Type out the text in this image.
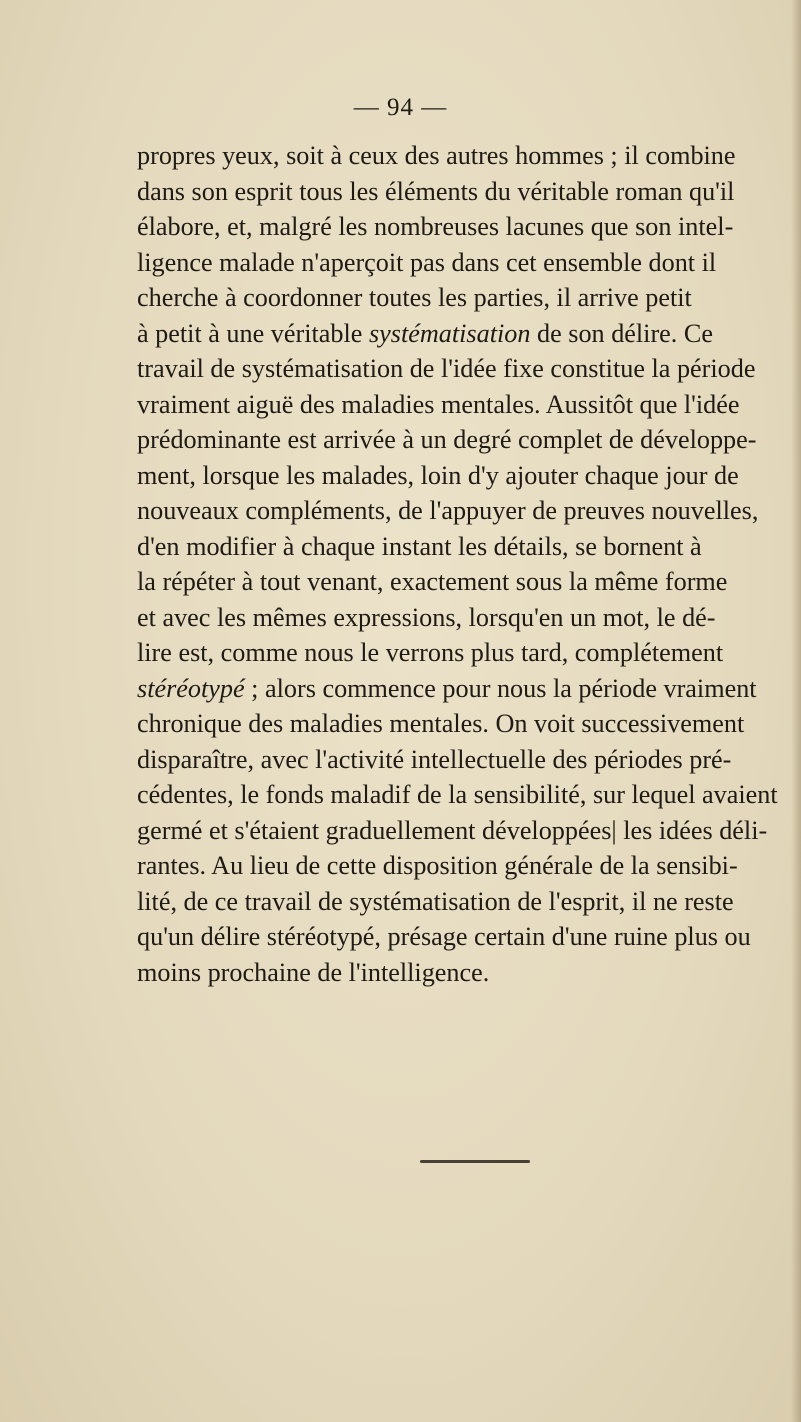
— 94 —

propres yeux, soit à ceux des autres hommes ; il combine
dans son esprit tous les éléments du véritable roman qu'il
élabore, et, malgré les nombreuses lacunes que son intel-
ligence malade n'aperçoit pas dans cet ensemble dont il
cherche à coordonner toutes les parties, il arrive petit
à petit à une véritable systématisation de son délire. Ce
travail de systématisation de l'idée fixe constitue la période
vraiment aiguë des maladies mentales. Aussitôt que l'idée
prédominante est arrivée à un degré complet de développe-
ment, lorsque les malades, loin d'y ajouter chaque jour de
nouveaux compléments, de l'appuyer de preuves nouvelles,
d'en modifier à chaque instant les détails, se bornent à
la répéter à tout venant, exactement sous la même forme
et avec les mêmes expressions, lorsqu'en un mot, le dé-
lire est, comme nous le verrons plus tard, complétement
stéréotypé ; alors commence pour nous la période vraiment
chronique des maladies mentales. On voit successivement
disparaître, avec l'activité intellectuelle des périodes pré-
cédentes, le fonds maladif de la sensibilité, sur lequel avaient
germé et s'étaient graduellement développées| les idées déli-
rantes. Au lieu de cette disposition générale de la sensibi-
lité, de ce travail de systématisation de l'esprit, il ne reste
qu'un délire stéréotypé, présage certain d'une ruine plus ou
moins prochaine de l'intelligence.
